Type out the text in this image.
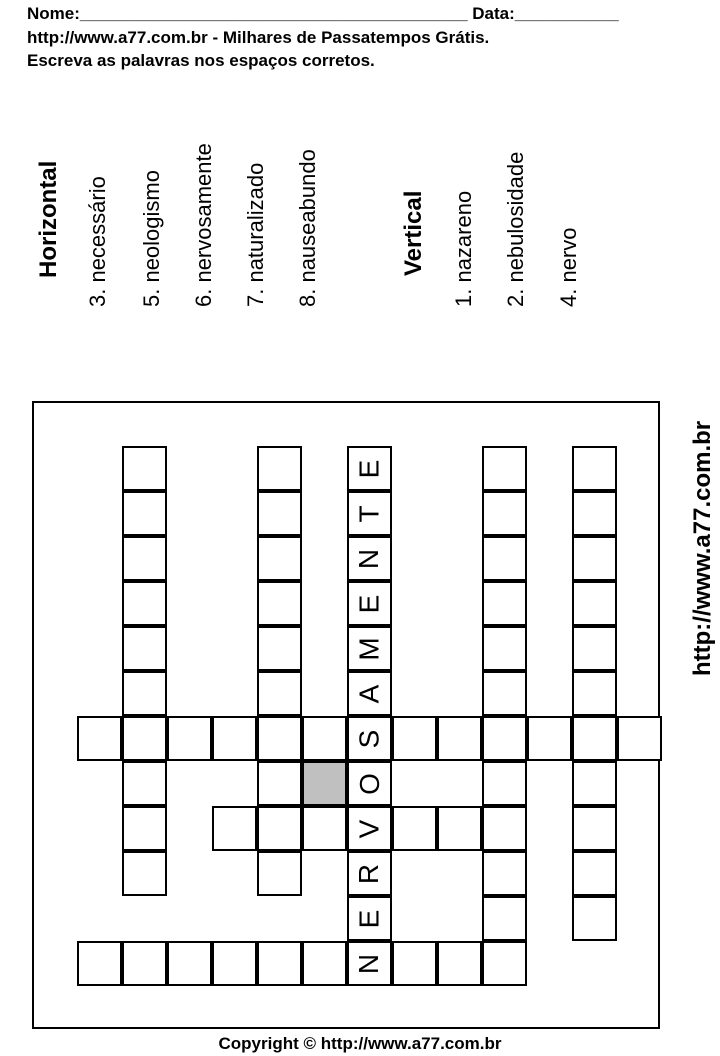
Nome:_________________________________________ Data:___________
http://www.a77.com.br - Milhares de Passatempos Grátis.
Escreva as palavras nos espaços corretos.
Horizontal 3. necessário 5. neologismo 6. nervosamente 7. naturalizado 8. nauseabundo	Vertical 1. nazareno 2. nebulosidade 4. nervo
http://www.a77.com.br
E
T
N
E
M
A
S
O
V
R
E
N
Copyright © http://www.a77.com.br
